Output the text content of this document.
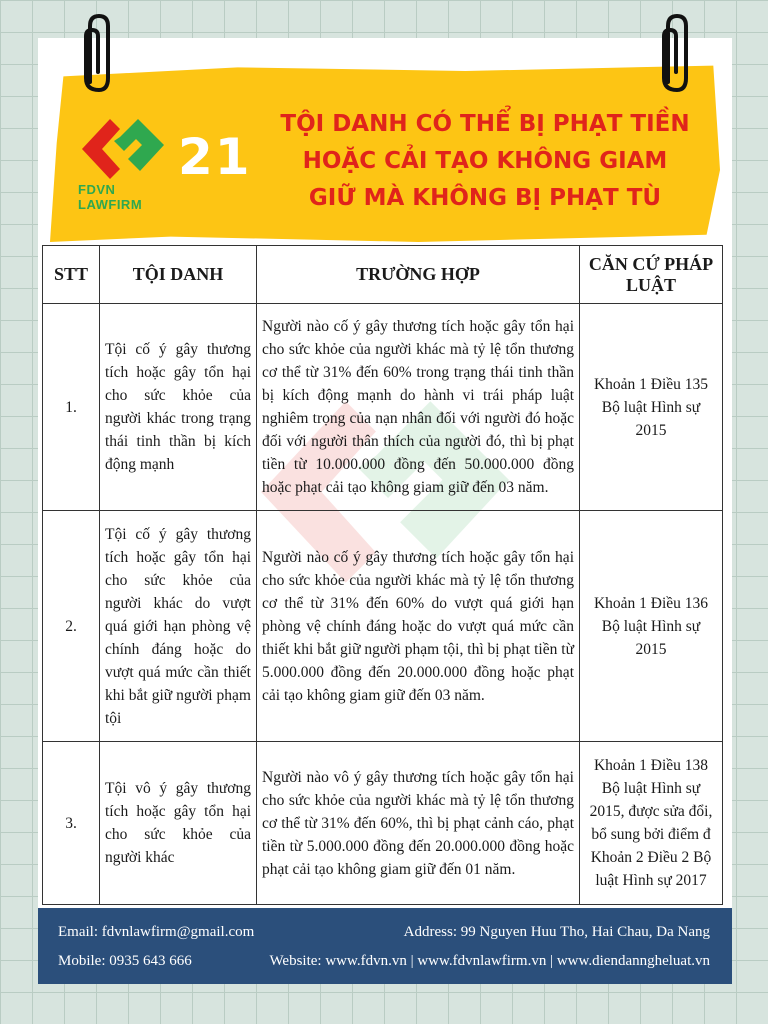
FDVN LAWFIRM
21
TỘI DANH CÓ THỂ BỊ PHẠT TIỀN
HOẶC CẢI TẠO KHÔNG GIAM
GIỮ MÀ KHÔNG BỊ PHẠT TÙ
STT	TỘI DANH	TRƯỜNG HỢP	CĂN CỨ PHÁP LUẬT
1.	Tội cố ý gây thương tích hoặc gây tổn hại cho sức khỏe của người khác trong trạng thái tinh thần bị kích động mạnh	Người nào cố ý gây thương tích hoặc gây tổn hại cho sức khỏe của người khác mà tỷ lệ tổn thương cơ thể từ 31% đến 60% trong trạng thái tinh thần bị kích động mạnh do hành vi trái pháp luật nghiêm trọng của nạn nhân đối với người đó hoặc đối với người thân thích của người đó, thì bị phạt tiền từ 10.000.000 đồng đến 50.000.000 đồng hoặc phạt cải tạo không giam giữ đến 03 năm.	Khoản 1 Điều 135 Bộ luật Hình sự 2015
2.	Tội cố ý gây thương tích hoặc gây tổn hại cho sức khỏe của người khác do vượt quá giới hạn phòng vệ chính đáng hoặc do vượt quá mức cần thiết khi bắt giữ người phạm tội	Người nào cố ý gây thương tích hoặc gây tổn hại cho sức khỏe của người khác mà tỷ lệ tổn thương cơ thể từ 31% đến 60% do vượt quá giới hạn phòng vệ chính đáng hoặc do vượt quá mức cần thiết khi bắt giữ người phạm tội, thì bị phạt tiền từ 5.000.000 đồng đến 20.000.000 đồng hoặc phạt cải tạo không giam giữ đến 03 năm.	Khoản 1 Điều 136 Bộ luật Hình sự 2015
3.	Tội vô ý gây thương tích hoặc gây tổn hại cho sức khỏe của người khác	Người nào vô ý gây thương tích hoặc gây tổn hại cho sức khỏe của người khác mà tỷ lệ tổn thương cơ thể từ 31% đến 60%, thì bị phạt cảnh cáo, phạt tiền từ 5.000.000 đồng đến 20.000.000 đồng hoặc phạt cải tạo không giam giữ đến 01 năm.	Khoản 1 Điều 138 Bộ luật Hình sự 2015, được sửa đổi, bổ sung bởi điểm đ Khoản 2 Điều 2 Bộ luật Hình sự 2017
Email: fdvnlawfirm@gmail.com	Address: 99 Nguyen Huu Tho, Hai Chau, Da Nang
Mobile: 0935 643 666	Website: www.fdvn.vn | www.fdvnlawfirm.vn | www.diendanngheluat.vn
